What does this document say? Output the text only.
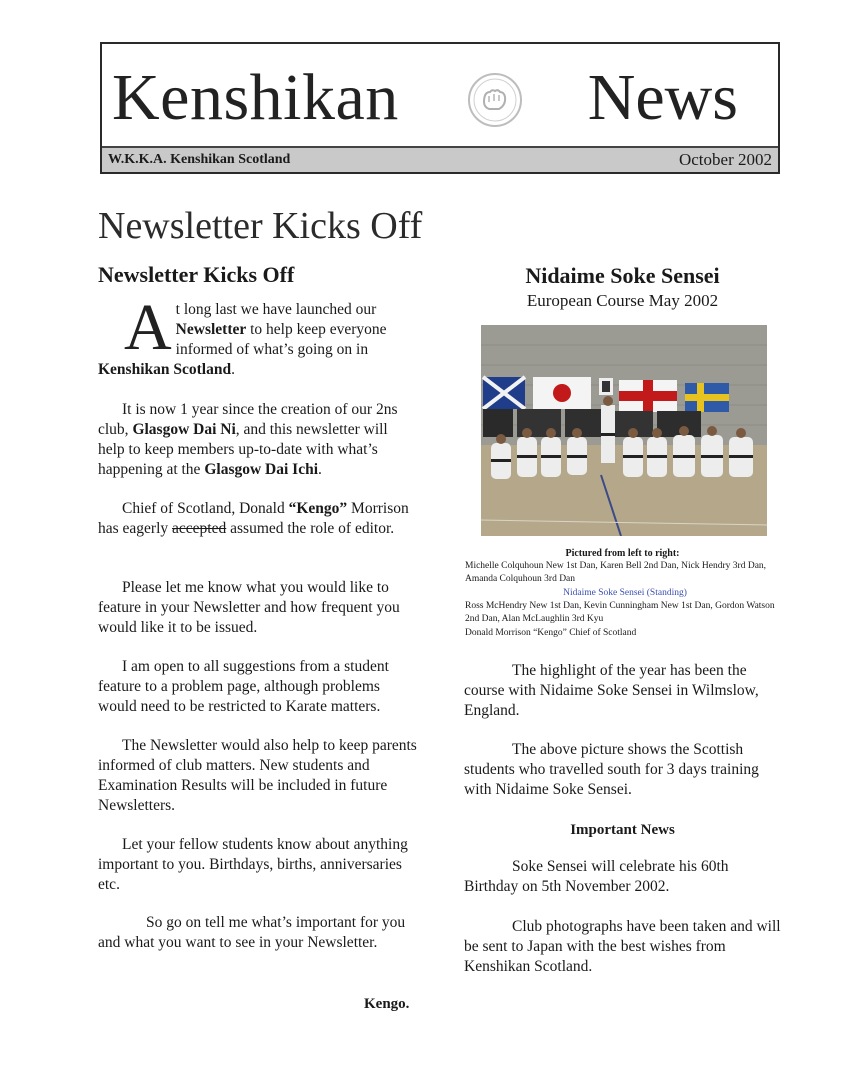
Kenshikan	News
W.K.K.A. Kenshikan Scotland	October 2002
Newsletter Kicks Off
Newsletter Kicks Off

At long last we have launched our Newsletter to help keep everyone informed of what’s going on in Kenshikan Scotland.

It is now 1 year since the creation of our 2ns club, Glasgow Dai Ni, and this newsletter will help to keep members up-to-date with what’s happening at the Glasgow Dai Ichi.

Chief of Scotland, Donald “Kengo” Morrison has eagerly accepted assumed the role of editor.

Please let me know what you would like to feature in your Newsletter and how frequent you would like it to be issued.

I am open to all suggestions from a student feature to a problem page, although problems would need to be restricted to Karate matters.

The Newsletter would also help to keep parents informed of club matters. New students and Examination Results will be included in future Newsletters.

Let your fellow students know about anything important to you. Birthdays, births, anniversaries etc.

So go on tell me what’s important for you and what you want to see in your Newsletter.

Kengo.
Nidaime Soke Sensei
European Course May 2002
Pictured from left to right:
Michelle Colquhoun New 1st Dan, Karen Bell 2nd Dan, Nick Hendry 3rd Dan, Amanda Colquhoun 3rd Dan
Nidaime Soke Sensei (Standing)
Ross McHendry New 1st Dan, Kevin Cunningham New 1st Dan, Gordon Watson 2nd Dan, Alan McLaughlin 3rd Kyu
Donald Morrison “Kengo” Chief of Scotland

The highlight of the year has been the course with Nidaime Soke Sensei in Wilmslow, England.

The above picture shows the Scottish students who travelled south for 3 days training with Nidaime Soke Sensei.

Important News

Soke Sensei will celebrate his 60th Birthday on 5th November 2002.

Club photographs have been taken and will be sent to Japan with the best wishes from Kenshikan Scotland.
